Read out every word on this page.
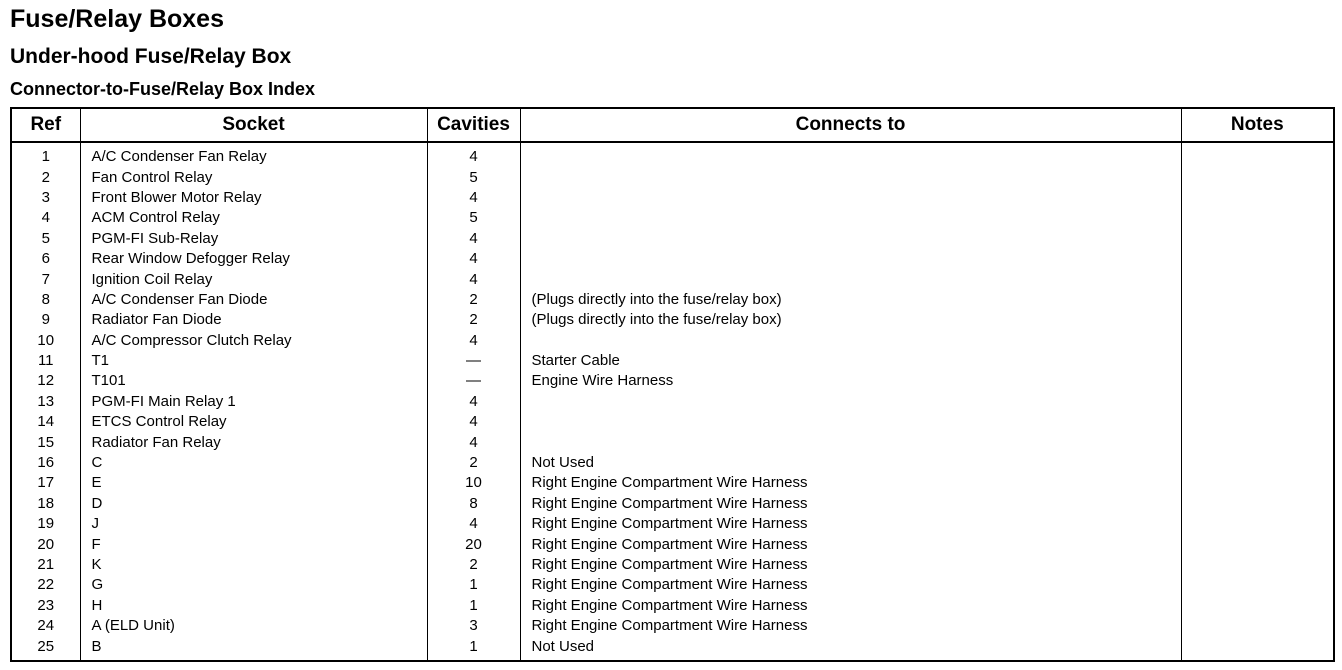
Fuse/Relay Boxes
Under-hood Fuse/Relay Box
Connector-to-Fuse/Relay Box Index
Ref	Socket	Cavities	Connects to	Notes
1	A/C Condenser Fan Relay	4		
2	Fan Control Relay	5		
3	Front Blower Motor Relay	4		
4	ACM Control Relay	5		
5	PGM-FI Sub-Relay	4		
6	Rear Window Defogger Relay	4		
7	Ignition Coil Relay	4		
8	A/C Condenser Fan Diode	2	(Plugs directly into the fuse/relay box)	
9	Radiator Fan Diode	2	(Plugs directly into the fuse/relay box)	
10	A/C Compressor Clutch Relay	4		
11	T1	—	Starter Cable	
12	T101	—	Engine Wire Harness	
13	PGM-FI Main Relay 1	4		
14	ETCS Control Relay	4		
15	Radiator Fan Relay	4		
16	C	2	Not Used	
17	E	10	Right Engine Compartment Wire Harness	
18	D	8	Right Engine Compartment Wire Harness	
19	J	4	Right Engine Compartment Wire Harness	
20	F	20	Right Engine Compartment Wire Harness	
21	K	2	Right Engine Compartment Wire Harness	
22	G	1	Right Engine Compartment Wire Harness	
23	H	1	Right Engine Compartment Wire Harness	
24	A (ELD Unit)	3	Right Engine Compartment Wire Harness	
25	B	1	Not Used	
